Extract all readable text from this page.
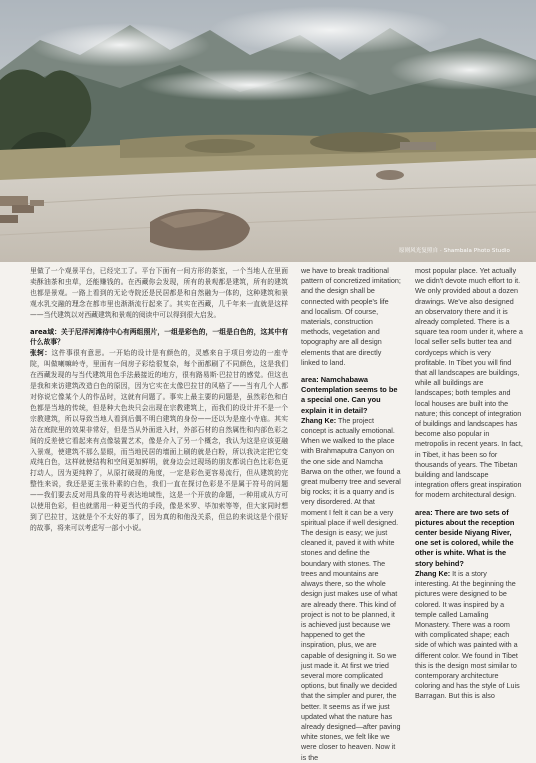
原则风光复照自 · Shambala Photo Studio

里做了一个观景平台，已经完工了。平台下面有一间方形的茶室，一个当地人在里面卖酥油茶和虫草，还能赚钱的。在西藏你会发现，所有的景观都是建筑，所有的建筑也都是景观。一路上看到的无论寺院还是民居都是和自然融为一体的，这种建筑和景观水乳交融的理念在都市里也渐渐流行起来了。其实在西藏，几千年来一直就是这样——当代建筑以对西藏建筑和景观的阅读中可以得到很大启发。

area域：关于尼洋河滩待中心有两组照片，一组是彩色的，一组是白色的，这其中有什么故事？

张轲：这件事很有意思。一开始的设计是有颜色的，灵感来自于项目旁边的一座寺院，叫做喇嘛岭寺，里面有一间房子彩绘很复杂，每个面都刷了不同颜色，这是我们在西藏发现的与当代建筑用色手法最接近的地方，很有路易斯·巴拉甘的感觉。但这也是我和来访建筑改造白色的原因，因为它实在太像巴拉甘的风格了——当有几个人都对你说它像某个人的作品时，这就有问题了。事实上最主要的问题是，虽然彩色和白色都是当地的传统，但是种大色块只会出现在宗教建筑上，而我们的设计并不是一个宗教建筑，所以导致当地人看到后偶不明白建筑的身份——还以为是座小寺庙。其实站在庭院里的效果非常好，但是当从外面进入时，外部石材的自然属性和内部色彩之间的反差使它看起来有点像装置艺术，像是介入了另一个概念，我认为这是应该更融入景观，使建筑不那么显眼，而当地民居的墙面上刷的就是白粉，所以我决定把它变成纯白色，这样就使结构和空间更加鲜明，就身边会过现场的朋友都说白色比彩色更打动人，因为更纯粹了，从原打破现的角度，一定是彩色更容易流行，但从建筑的完整性来说，我还是更主张朴素的白色，我们一直在探讨色彩是不是属于符号的问题——我们要去反对用具象的符号表达地域性，这是一个开放的命题，一种用或从方可以使用色彩，但也就需用一种更当代的手段，像是米罗、毕加索等等，但大家同时想到了巴拉甘，这就是个不太好的事了，因为真的和他没关系，但总的来说这是个很好的故事，将来可以考虑写一部小小说。

we have to break traditional pattern of concretized imitation; and the design shall be connected with people's life and localism. Of course, materials, construction methods, vegetation and topography are all design elements that are directly linked to land.

area: Namchabawa Contemplation seems to be a special one. Can you explain it in detail?

Zhang Ke: The project concept is actually emotional. When we walked to the place with Brahmaputra Canyon on the one side and Namcha Barwa on the other, we found a great mulberry tree and several big rocks; it is a quarry and is very disordered. At that moment I felt it can be a very spiritual place if well designed. The design is easy; we just cleaned it, paved it with white stones and define the boundary with stones. The trees and mountains are always there, so the whole design just makes use of what are already there. This kind of project is not to be planned, it is achieved just because we happened to get the inspiration, plus, we are capable of designing it. So we just made it. At first we tried several more complicated options, but finally we decided that the simpler and purer, the better. It seems as if we just updated what the nature has already designed—after paving white stones, we felt like we were closer to heaven. Now it is the

most popular place. Yet actually we didn't devote much effort to it. We only provided about a dozen drawings. We've also designed an observatory there and it is already completed. There is a square tea room under it, where a local seller sells butter tea and cordyceps which is very profitable. In Tibet you will find that all landscapes are buildings, while all buildings are landscapes; both temples and local houses are built into the nature; this concept of integration of buildings and landscapes has become also popular in metropolis in recent years. In fact, in Tibet, it has been so for thousands of years. The Tibetan building and landscape integration offers great inspiration for modern architectural design.

area: There are two sets of pictures about the reception center beside Niyang River, one set is colored, while the other is white. What is the story behind?

Zhang Ke: It is a story interesting. At the beginning the pictures were designed to be colored. It was inspired by a temple called Lamaling Monastery. There was a room with complicated shape; each side of which was painted with a different color. We found in Tibet this is the design most similar to contemporary architecture coloring and has the style of Luis Barragan. But this is also
